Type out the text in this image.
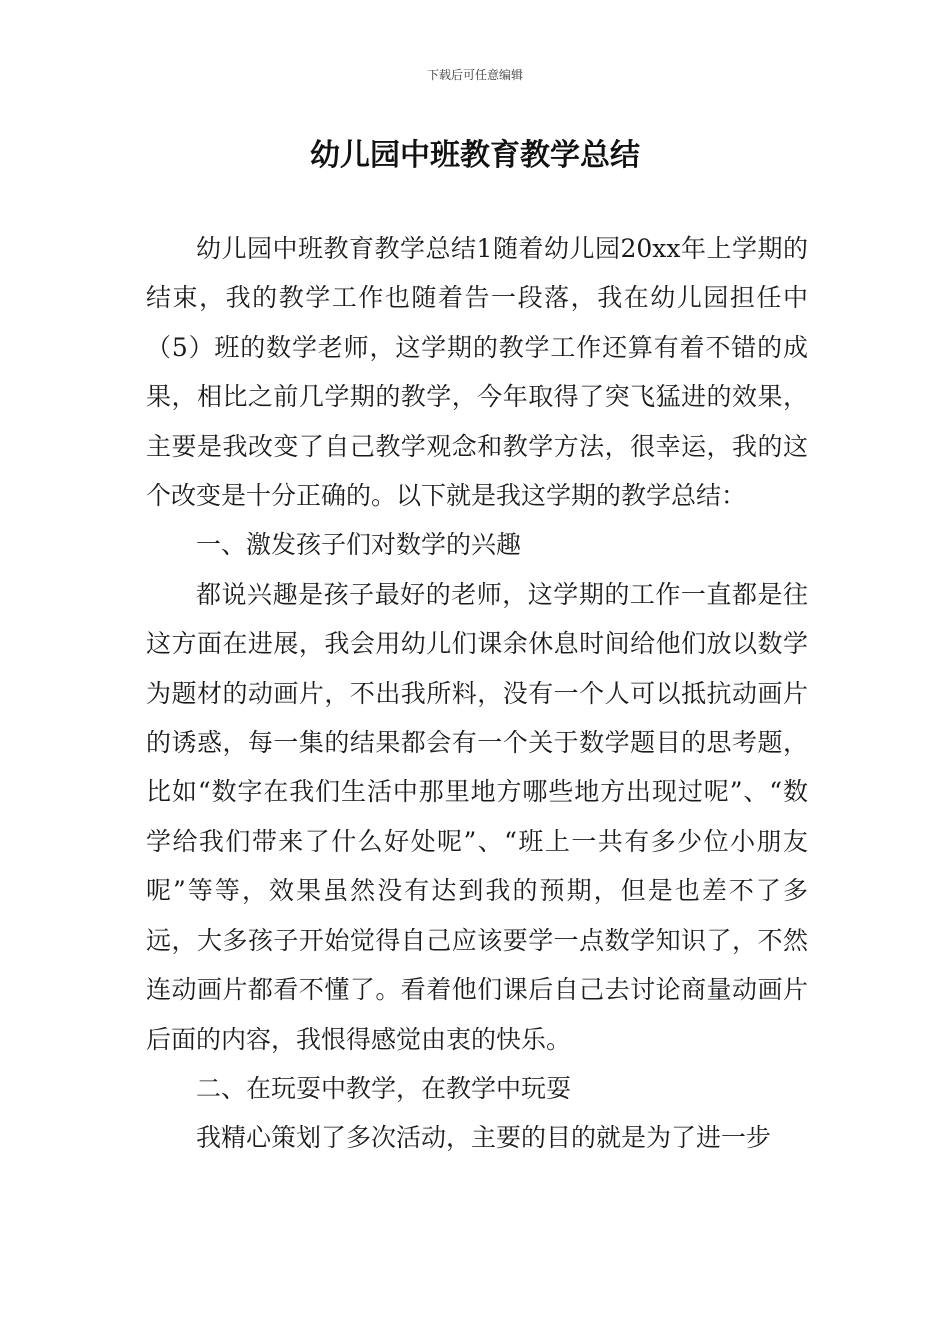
下载后可任意编辑
幼儿园中班教育教学总结

幼儿园中班教育教学总结1随着幼儿园20xx年上学期的结束，我的教学工作也随着告一段落，我在幼儿园担任中（5）班的数学老师，这学期的教学工作还算有着不错的成果，相比之前几学期的教学，今年取得了突飞猛进的效果，主要是我改变了自己教学观念和教学方法，很幸运，我的这个改变是十分正确的。以下就是我这学期的教学总结：

一、激发孩子们对数学的兴趣

都说兴趣是孩子最好的老师，这学期的工作一直都是往这方面在进展，我会用幼儿们课余休息时间给他们放以数学为题材的动画片，不出我所料，没有一个人可以抵抗动画片的诱惑，每一集的结果都会有一个关于数学题目的思考题，比如“数字在我们生活中那里地方哪些地方出现过呢”、“数学给我们带来了什么好处呢”、“班上一共有多少位小朋友呢”等等，效果虽然没有达到我的预期，但是也差不了多远，大多孩子开始觉得自己应该要学一点数学知识了，不然连动画片都看不懂了。看着他们课后自己去讨论商量动画片后面的内容，我恨得感觉由衷的快乐。

二、在玩耍中教学，在教学中玩耍

我精心策划了多次活动，主要的目的就是为了进一步
